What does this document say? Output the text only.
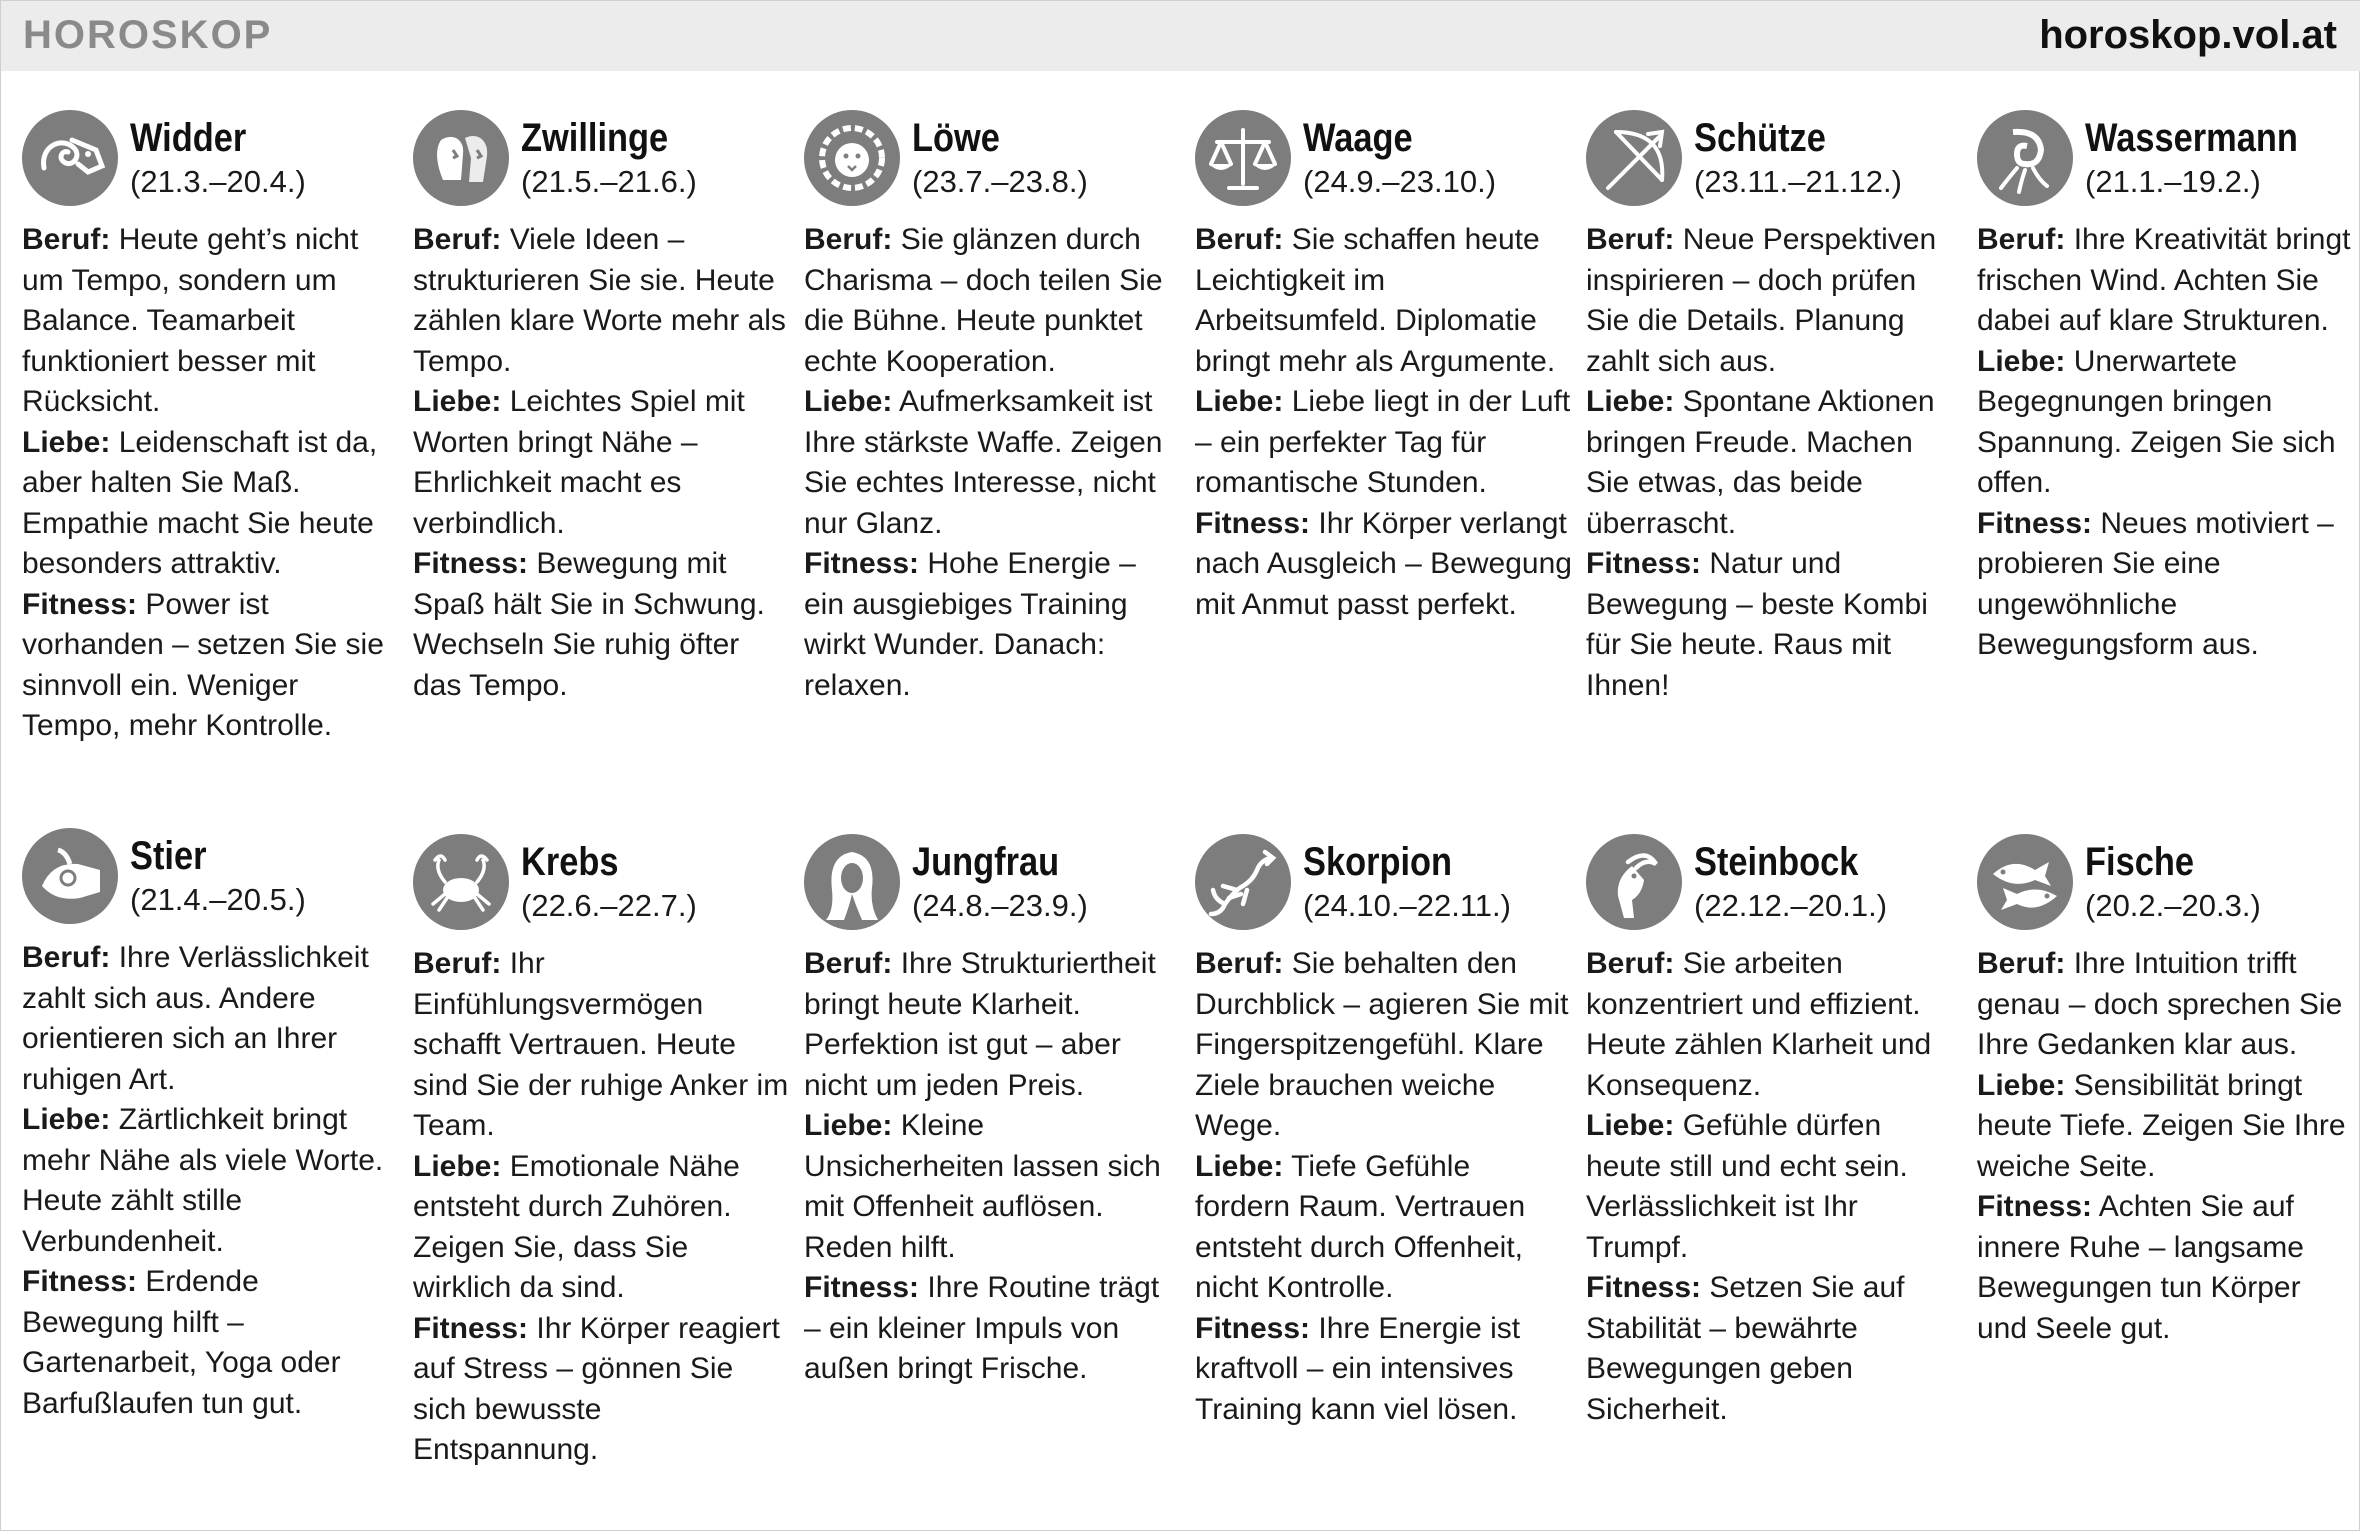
HOROSKOP	horoskop.vol.at
Widder
(21.3.–20.4.)

Beruf: Heute geht’s nicht um Tempo, sondern um Balance. Teamarbeit funktioniert besser mit Rücksicht.

Liebe: Leidenschaft ist da, aber halten Sie Maß. Empathie macht Sie heute besonders attraktiv.

Fitness: Power ist vorhanden – setzen Sie sie sinnvoll ein. Weniger Tempo, mehr Kontrolle.

Zwillinge
(21.5.–21.6.)

Beruf: Viele Ideen – strukturieren Sie sie. Heute zählen klare Worte mehr als Tempo.

Liebe: Leichtes Spiel mit Worten bringt Nähe – Ehrlichkeit macht es verbindlich.

Fitness: Bewegung mit Spaß hält Sie in Schwung. Wechseln Sie ruhig öfter das Tempo.

Löwe
(23.7.–23.8.)

Beruf: Sie glänzen durch Charisma – doch teilen Sie die Bühne. Heute punktet echte Kooperation.

Liebe: Aufmerksamkeit ist Ihre stärkste Waffe. Zeigen Sie echtes Interesse, nicht nur Glanz.

Fitness: Hohe Energie – ein ausgiebiges Training wirkt Wunder. Danach: relaxen.

Waage
(24.9.–23.10.)

Beruf: Sie schaffen heute Leichtigkeit im Arbeitsumfeld. Diplomatie bringt mehr als Argumente.

Liebe: Liebe liegt in der Luft – ein perfekter Tag für romantische Stunden.

Fitness: Ihr Körper verlangt nach Ausgleich – Bewegung mit Anmut passt perfekt.

Schütze
(23.11.–21.12.)

Beruf: Neue Perspektiven inspirieren – doch prüfen Sie die Details. Planung zahlt sich aus.

Liebe: Spontane Aktionen bringen Freude. Machen Sie etwas, das beide überrascht.

Fitness: Natur und Bewegung – beste Kombi für Sie heute. Raus mit Ihnen!

Wassermann
(21.1.–19.2.)

Beruf: Ihre Kreativität bringt frischen Wind. Achten Sie dabei auf klare Strukturen.

Liebe: Unerwartete Begegnungen bringen Spannung. Zeigen Sie sich offen.

Fitness: Neues motiviert – probieren Sie eine ungewöhnliche Bewegungsform aus.

Stier
(21.4.–20.5.)

Beruf: Ihre Verlässlichkeit zahlt sich aus. Andere orientieren sich an Ihrer ruhigen Art.

Liebe: Zärtlichkeit bringt mehr Nähe als viele Worte. Heute zählt stille Verbundenheit.

Fitness: Erdende Bewegung hilft – Gartenarbeit, Yoga oder Barfußlaufen tun gut.

Krebs
(22.6.–22.7.)

Beruf: Ihr Einfühlungsvermögen schafft Vertrauen. Heute sind Sie der ruhige Anker im Team.

Liebe: Emotionale Nähe entsteht durch Zuhören. Zeigen Sie, dass Sie wirklich da sind.

Fitness: Ihr Körper reagiert auf Stress – gönnen Sie sich bewusste Entspannung.

Jungfrau
(24.8.–23.9.)

Beruf: Ihre Strukturiertheit bringt heute Klarheit. Perfektion ist gut – aber nicht um jeden Preis.

Liebe: Kleine Unsicherheiten lassen sich mit Offenheit auflösen. Reden hilft.

Fitness: Ihre Routine trägt – ein kleiner Impuls von außen bringt Frische.

Skorpion
(24.10.–22.11.)

Beruf: Sie behalten den Durchblick – agieren Sie mit Fingerspitzengefühl. Klare Ziele brauchen weiche Wege.

Liebe: Tiefe Gefühle fordern Raum. Vertrauen entsteht durch Offenheit, nicht Kontrolle.

Fitness: Ihre Energie ist kraftvoll – ein intensives Training kann viel lösen.

Steinbock
(22.12.–20.1.)

Beruf: Sie arbeiten konzentriert und effizient. Heute zählen Klarheit und Konsequenz.

Liebe: Gefühle dürfen heute still und echt sein. Verlässlichkeit ist Ihr Trumpf.

Fitness: Setzen Sie auf Stabilität – bewährte Bewegungen geben Sicherheit.

Fische
(20.2.–20.3.)

Beruf: Ihre Intuition trifft genau – doch sprechen Sie Ihre Gedanken klar aus.

Liebe: Sensibilität bringt heute Tiefe. Zeigen Sie Ihre weiche Seite.

Fitness: Achten Sie auf innere Ruhe – langsame Bewegungen tun Körper und Seele gut.
